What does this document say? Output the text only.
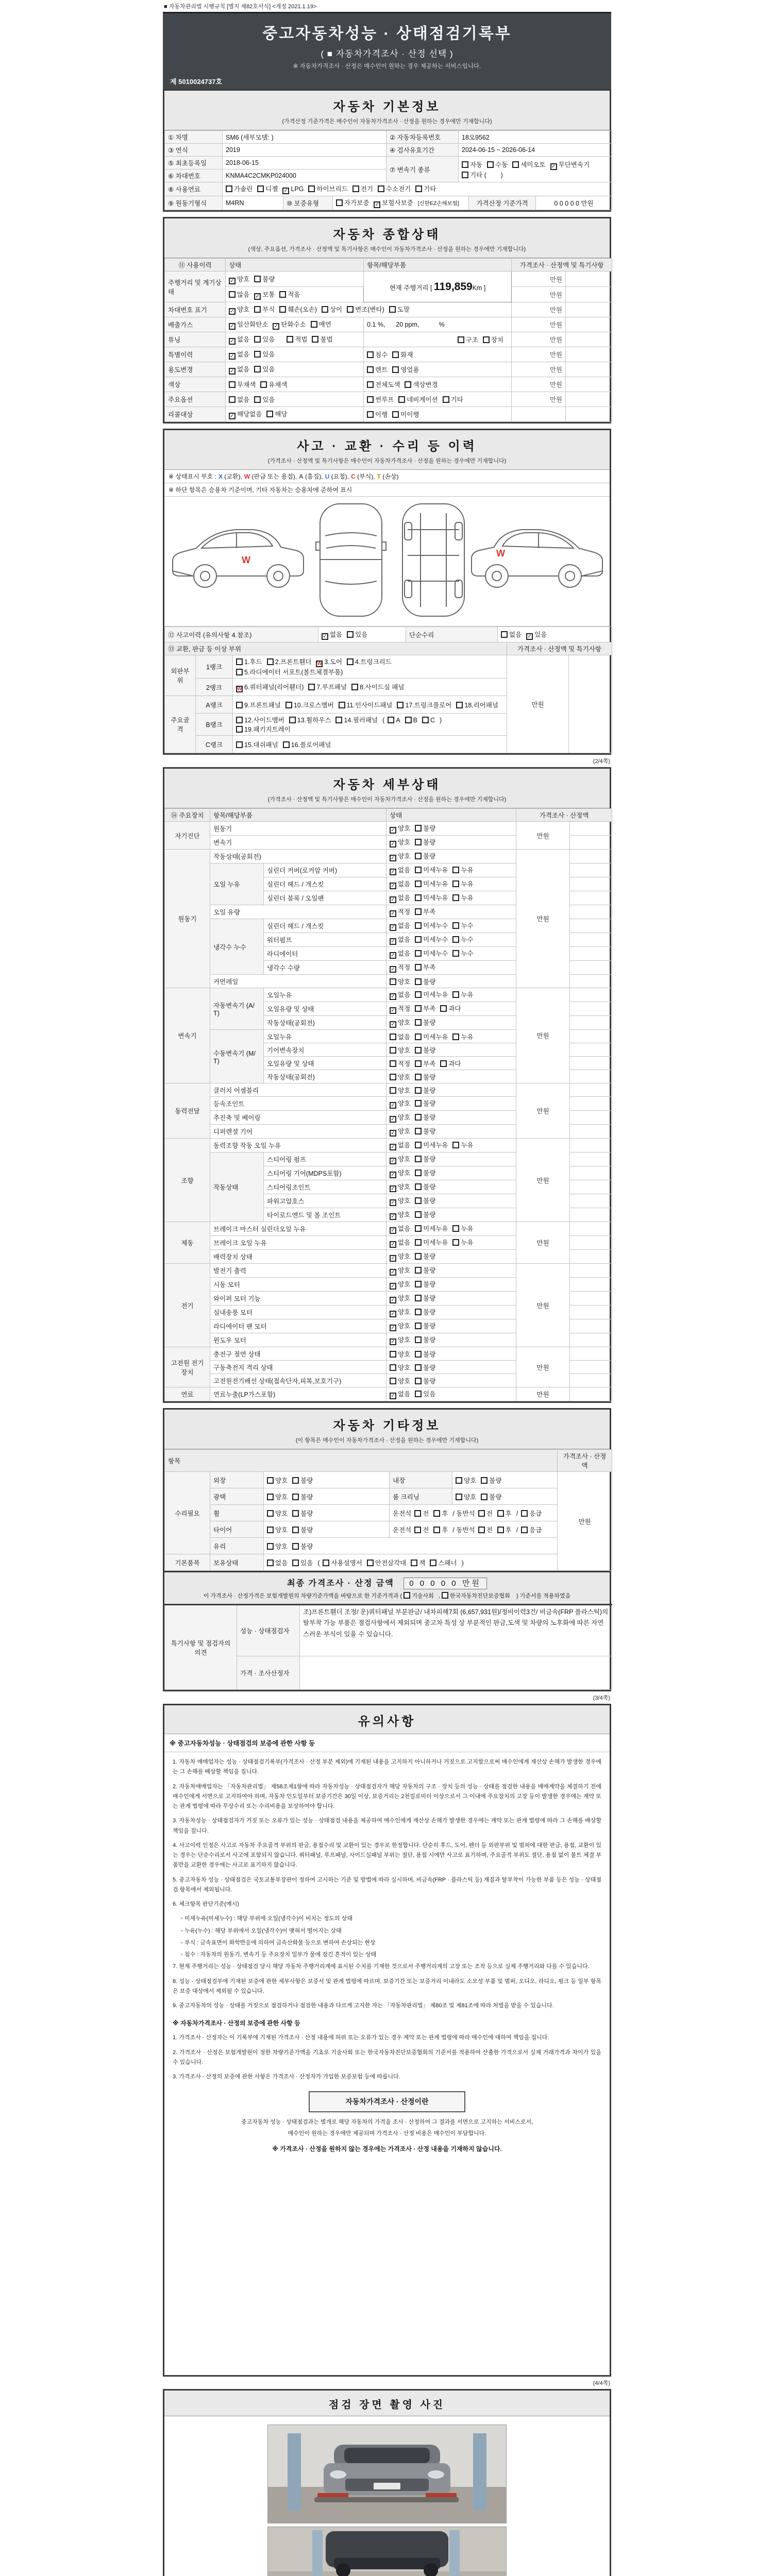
■ 자동차관리법 시행규칙 [별지 제82호서식] <개정 2021.1.19>
중고자동차성능 · 상태점검기록부
( ■ 자동차가격조사 · 산정 선택 )
※ 자동차가격조사 · 산정은 매수인이 원하는 경우 제공하는 서비스입니다.
제 5010024737호
자동차 기본정보
(가격산정 기준가격은 매수인이 자동차가격조사 · 산정을 원하는 경우에만 기재합니다)
① 차명	SM6 (세부모델: )	② 자동차등록번호	18오9562
③ 연식	2019	④ 검사유효기간	2024-06-15 ~ 2026-06-14
⑤ 최초등록일	2018-06-15	⑦ 변속기 종류	자동 수동 세미오토 ✓ 무단변속기기타 (        )
⑥ 차대번호	KNMA4C2CMKP024000		
⑧ 사용연료	가솔린 디젤 ✓ LPG 하이브리드 전기 수소전기 기타		
⑨ 원동기형식	M4RN	⑩ 보증유형	자가보증 ✓ 보험사보증 [신한EZ손해보험]	가격산정 기준가격	0 0 0 0 0 만원
자동차 종합상태
(색상, 주요옵션, 가격조사 · 산정액 및 특기사항은 매수인이 자동차가격조사 · 산정을 원하는 경우에만 기재합니다)
⑪ 사용이력	상태	항목/해당부품	가격조사 · 산정액 및 특기사항	
주행거리 및 계기상태	✓ 양호 불량	현재 주행거리 [ 119,859Km ]	만원	
	많음 ✓ 보통 적음		만원	
차대번호 표기	✓ 양호 부식 훼손(오손) 상이 변조(변타) 도말		만원	
배출가스	✓ 일산화탄소 ✓ 탄화수소 매연	0.1 %,      20 ppm,           %	만원	
튜닝	✓ 없음 있음 적법 불법	구조 장치	만원	
특별이력	✓ 없음 있음	침수 화재	만원	
용도변경	✓ 없음 있음	렌트 영업용	만원	
색상	무채색 유채색	전체도색 색상변경	만원	
주요옵션	없음 있음	썬루프 네비게이션 기타	만원	
리콜대상	✓ 해당없음 해당	이행 미이행		
사고 · 교환 · 수리 등 이력
(가격조사 · 산정액 및 특기사항은 매수인이 자동차가격조사 · 산정을 원하는 경우에만 기재합니다)
※ 상태표시 부호 : X (교환), W (판금 또는 용접), A (흠집), U (요철), C (부식), T (손상)
※ 하단 항목은 승용차 기준이며, 기타 자동차는 승용차에 준하여 표시
W
W
⑫ 사고이력 (유의사항 4.참조)	✓ 없음 있음	단순수리	없음 ✓ 있음
⑬ 교환, 판금 등 이상 부위			가격조사 · 산정액 및 특기사항	
외판부위	1랭크	1.후드 2.프론트휀더 W 3.도어 4.트렁크리드5.라디에이터 서포트(볼트체결부품)	만원	
	2랭크	W 6.쿼터패널(리어휀더) 7.루프패널 8.사이드실 패널		
주요골격	A랭크	9.프론트패널 10.크로스멤버 11.인사이드패널 17.트렁크플로어 18.리어패널		
	B랭크	12.사이드멤버 13.휠하우스 14.필러패널 ( A B C )19.패키지트레이		
	C랭크	15.대쉬패널 16.플로어패널		
(2/4쪽)
자동차 세부상태
(가격조사 · 산정액 및 특기사항은 매수인이 자동차가격조사 · 산정을 원하는 경우에만 기재합니다)
⑭ 주요장치	항목/해당부품		상태	가격조사 · 산정액	
자기진단	원동기		✓ 양호 불량	만원	
	변속기		✓ 양호 불량		
원동기	작동상태(공회전)		✓ 양호 불량	만원	
	오일 누유	실린더 커버(로커암 커버)	✓ 없음 미세누유 누유		
		실린더 헤드 / 개스킷	✓ 없음 미세누유 누유		
		실린더 블록 / 오일팬	✓ 없음 미세누유 누유		
	오일 유량		✓ 적정 부족		
	냉각수 누수	실린더 헤드 / 개스킷	✓ 없음 미세누수 누수		
		워터펌프	✓ 없음 미세누수 누수		
		라디에이터	✓ 없음 미세누수 누수		
		냉각수 수량	✓ 적정 부족		
	커먼레일		양호 불량		
변속기	자동변속기 (A/T)	오일누유	✓ 없음 미세누유 누유	만원	
		오일유량 및 상태	✓ 적정 부족 과다		
		작동상태(공회전)	✓ 양호 불량		
	수동변속기 (M/T)	오일누유	없음 미세누유 누유		
		기어변속장치	양호 불량		
		오일유량 및 상태	적정 부족 과다		
		작동상태(공회전)	양호 불량		
동력전달	클러치 어셈블리		양호 불량	만원	
	등속조인트		✓ 양호 불량		
	추진축 및 베어링		✓ 양호 불량		
	디퍼렌셜 기어		✓ 양호 불량		
조향	동력조향 작동 오일 누유		✓ 없음 미세누유 누유	만원	
	작동상태	스티어링 펌프	✓ 양호 불량		
		스티어링 기어(MDPS포함)	✓ 양호 불량		
		스티어링조인트	✓ 양호 불량		
		파워고압호스	✓ 양호 불량		
		타이로드엔드 및 볼 조인트	✓ 양호 불량		
제동	브레이크 마스터 실린더오일 누유		✓ 없음 미세누유 누유	만원	
	브레이크 오일 누유		✓ 없음 미세누유 누유		
	배력장치 상태		✓ 양호 불량		
전기	발전기 출력		✓ 양호 불량	만원	
	시동 모터		✓ 양호 불량		
	와이퍼 모터 기능		✓ 양호 불량		
	실내송풍 모터		✓ 양호 불량		
	라디에이터 팬 모터		✓ 양호 불량		
	윈도우 모터		✓ 양호 불량		
고전원 전기장치	충전구 절연 상태		양호 불량	만원	
	구동축전지 격리 상태		양호 불량		
	고전원전기배선 상태(접속단자,피복,보호기구)		양호 불량		
연료	연료누출(LP가스포함)		✓ 없음 있음	만원	
자동차 기타정보
(이 항목은 매수인이 자동차가격조사 · 산정을 원하는 경우에만 기재합니다)
항목					가격조사 · 산정액
수리필요	외장	양호 불량	내장	양호 불량	만원
	광택	양호 불량	룸 크리닝	양호 불량	
	휠	양호 불량	운전석 전 후 / 동반석 전 후 / 응급		
	타이어	양호 불량	운전석 전 후 / 동반석 전 후 / 응급		
	유리	양호 불량			
기본품목	보유상태	없음 있음 ( 사용설명서 안전삼각대 잭 스패너 )			
최종 가격조사 · 산정 금액 0 0 0 0 0 만원
이 가격조사 · 산정가격은 보험개발원의 차량기준가액을 바탕으로 한 기준가격과 ( 기술사회 , 한국자동차진단보증협회 ) 기준서를 적용하였음
특기사항 및 점검자의 의견	성능 · 상태점검자	조)프론트휀더 조정/ 운)쿼터패널 부분판금/ 내차피해7회 (6,657,931원)/정비이력3건/ 비금속(FRP 플라스틱)의 탈부착 가능 부품은 점검사항에서 제외되며 중고차 특성 상 부분적인 판금,도색 및 차량의 노후화에 따른 자연스러운 부식이 있을 수 있습니다.
	가격 · 조사산정자	
(3/4쪽)
유의사항
※ 중고자동차성능 · 상태점검의 보증에 관한 사항 등
1. 자동차 매매업자는 성능 · 상태점검기록부(가격조사 · 산정 부분 제외)에 기재된 내용을 고지하지 아니하거나 거짓으로 고지함으로써 매수인에게 재산상 손해가 발생한 경우에는 그 손해를 배상할 책임을 집니다.
2. 자동차매매업자는 「자동차관리법」 제58조제1항에 따라 자동차성능 · 상태점검자가 해당 자동차의 구조 · 장치 등의 성능 · 상태를 점검한 내용을 매매계약을 체결하기 전에 매수인에게 서면으로 고지하여야 하며, 자동차 인도일부터 보증기간은 30일 이상, 보증거리는 2천킬로미터 이상으로서 그 이내에 주요장치의 고장 등이 발생한 경우에는 계약 또는 관계 법령에 따라 무상수리 또는 수리비용을 보상하여야 합니다.
3. 자동차성능 · 상태점검자가 거짓 또는 오류가 있는 성능 · 상태점검 내용을 제공하여 매수인에게 재산상 손해가 발생한 경우에는 계약 또는 관계 법령에 따라 그 손해를 배상할 책임을 집니다.
4. 사고이력 인정은 사고로 자동차 주요골격 부위의 판금, 용접수리 및 교환이 있는 경우로 한정합니다. 단순히 후드, 도어, 펜더 등 외판부위 및 범퍼에 대한 판금, 용접, 교환이 있는 경우는 단순수리로서 사고에 포함되지 않습니다. 쿼터패널, 루프패널, 사이드실패널 부위는 절단, 용접 시에만 사고로 표기하며, 주요골격 부위도 절단, 용접 없이 볼트 체결 부품만을 교환한 경우에는 사고로 표기하지 않습니다.
5. 중고자동차 성능 · 상태점검은 국토교통부장관이 정하여 고시하는 기준 및 방법에 따라 실시하며, 비금속(FRP · 플라스틱 등) 재질과 탈부착이 가능한 부품 등은 성능 · 상태점검 항목에서 제외됩니다.
6. 체크항목 판단기준(예시)
◦ 미세누유(미세누수) : 해당 부위에 오일(냉각수)이 비치는 정도의 상태
◦ 누유(누수) : 해당 부위에서 오일(냉각수)이 맺혀서 떨어지는 상태
◦ 부식 : 금속표면이 화학반응에 의하여 금속산화물 등으로 변하여 손상되는 현상
◦ 침수 : 자동차의 원동기, 변속기 등 주요장치 일부가 물에 잠긴 흔적이 있는 상태
7. 현재 주행거리는 성능 · 상태점검 당시 해당 자동차 주행거리계에 표시된 수치를 기재한 것으로서 주행거리계의 고장 또는 조작 등으로 실제 주행거리와 다를 수 있습니다.
8. 성능 · 상태점검부에 기재된 보증에 관한 세부사항은 보증서 및 관계 법령에 따르며, 보증기간 또는 보증거리 이내라도 소모성 부품 및 범퍼, 오디오, 라디오, 펑크 등 일부 항목은 보증 대상에서 제외될 수 있습니다.
9. 중고자동차의 성능 · 상태를 거짓으로 점검하거나 점검한 내용과 다르게 고지한 자는 「자동차관리법」 제80조 및 제81조에 따라 처벌을 받을 수 있습니다.
※ 자동차가격조사 · 산정의 보증에 관한 사항 등
1. 가격조사 · 산정자는 이 기록부에 기재된 가격조사 · 산정 내용에 허위 또는 오류가 있는 경우 계약 또는 관계 법령에 따라 매수인에 대하여 책임을 집니다.
2. 가격조사 · 산정은 보험개발원이 정한 차량기준가액을 기초로 기술사회 또는 한국자동차진단보증협회의 기준서를 적용하여 산출한 가격으로서 실제 거래가격과 차이가 있을 수 있습니다.
3. 가격조사 · 산정의 보증에 관한 사항은 가격조사 · 산정자가 가입한 보증보험 등에 따릅니다.
자동차가격조사 · 산정이란
중고자동차 성능 · 상태점검과는 별개로 해당 자동차의 가격을 조사 · 산정하여 그 결과를 서면으로 고지하는 서비스로서,
매수인이 원하는 경우에만 제공되며 가격조사 · 산정 비용은 매수인이 부담합니다.
※ 가격조사 · 산정을 원하지 않는 경우에는 가격조사 · 산정 내용을 기재하지 않습니다.
(4/4쪽)
점검 장면 촬영 사진
